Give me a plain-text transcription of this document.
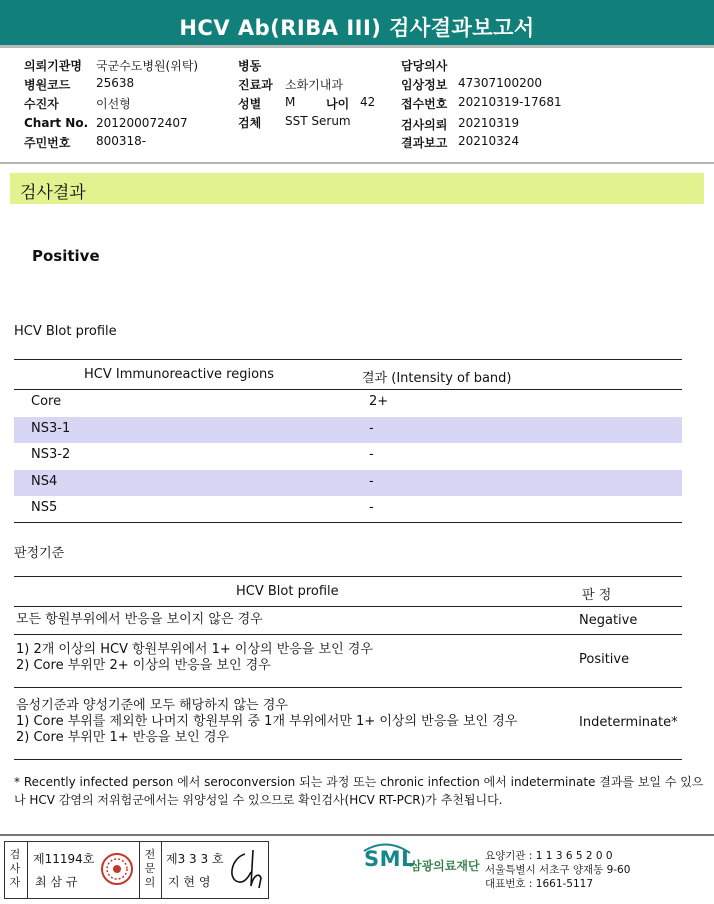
HCV Ab(RIBA III) 검사결과보고서
의뢰기관명 국군수도병원(위탁)
병원코드 25638
수진자	이선형
Chart No. 201200072407
주민번호 800318-
병동
진료과 소화기내과
성별 M	나이 42
검체 SST Serum
담당의사
임상정보 47307100200
접수번호 20210319-17681
검사의뢰 20210319
결과보고 20210324
검사결과
Positive
HCV Blot profile
HCV Immunoreactive regions	결과 (Intensity of band)
Core	2+
NS3-1	-
NS3-2	-
NS4	-
NS5	-
판정기준
HCV Blot profile	판 정
모든 항원부위에서 반응을 보이지 않은 경우	Negative
1) 2개 이상의 HCV 항원부위에서 1+ 이상의 반응을 보인 경우
2) Core 부위만 2+ 이상의 반응을 보인 경우	Positive
음성기준과 양성기준에 모두 해당하지 않는 경우
1) Core 부위를 제외한 나머지 항원부위 중 1개 부위에서만 1+ 이상의 반응을 보인 경우
2) Core 부위만 1+ 반응을 보인 경우
Indeterminate*
* Recently infected person 에서 seroconversion 되는 과정 또는 chronic infection 에서 indeterminate 결과를 보일 수 있으나 HCV 감염의 저위험군에서는 위양성일 수 있으므로 확인검사(HCV RT-PCR)가 추천됩니다.
검사자
제11194호
최 삼 규
전문의
제3 3 3 호
지 현 영
SML
삼광의료재단
요양기관 : 1 1 3 6 5 2 0 0
서울특별시 서초구 양재동 9-60
대표번호 : 1661-5117
